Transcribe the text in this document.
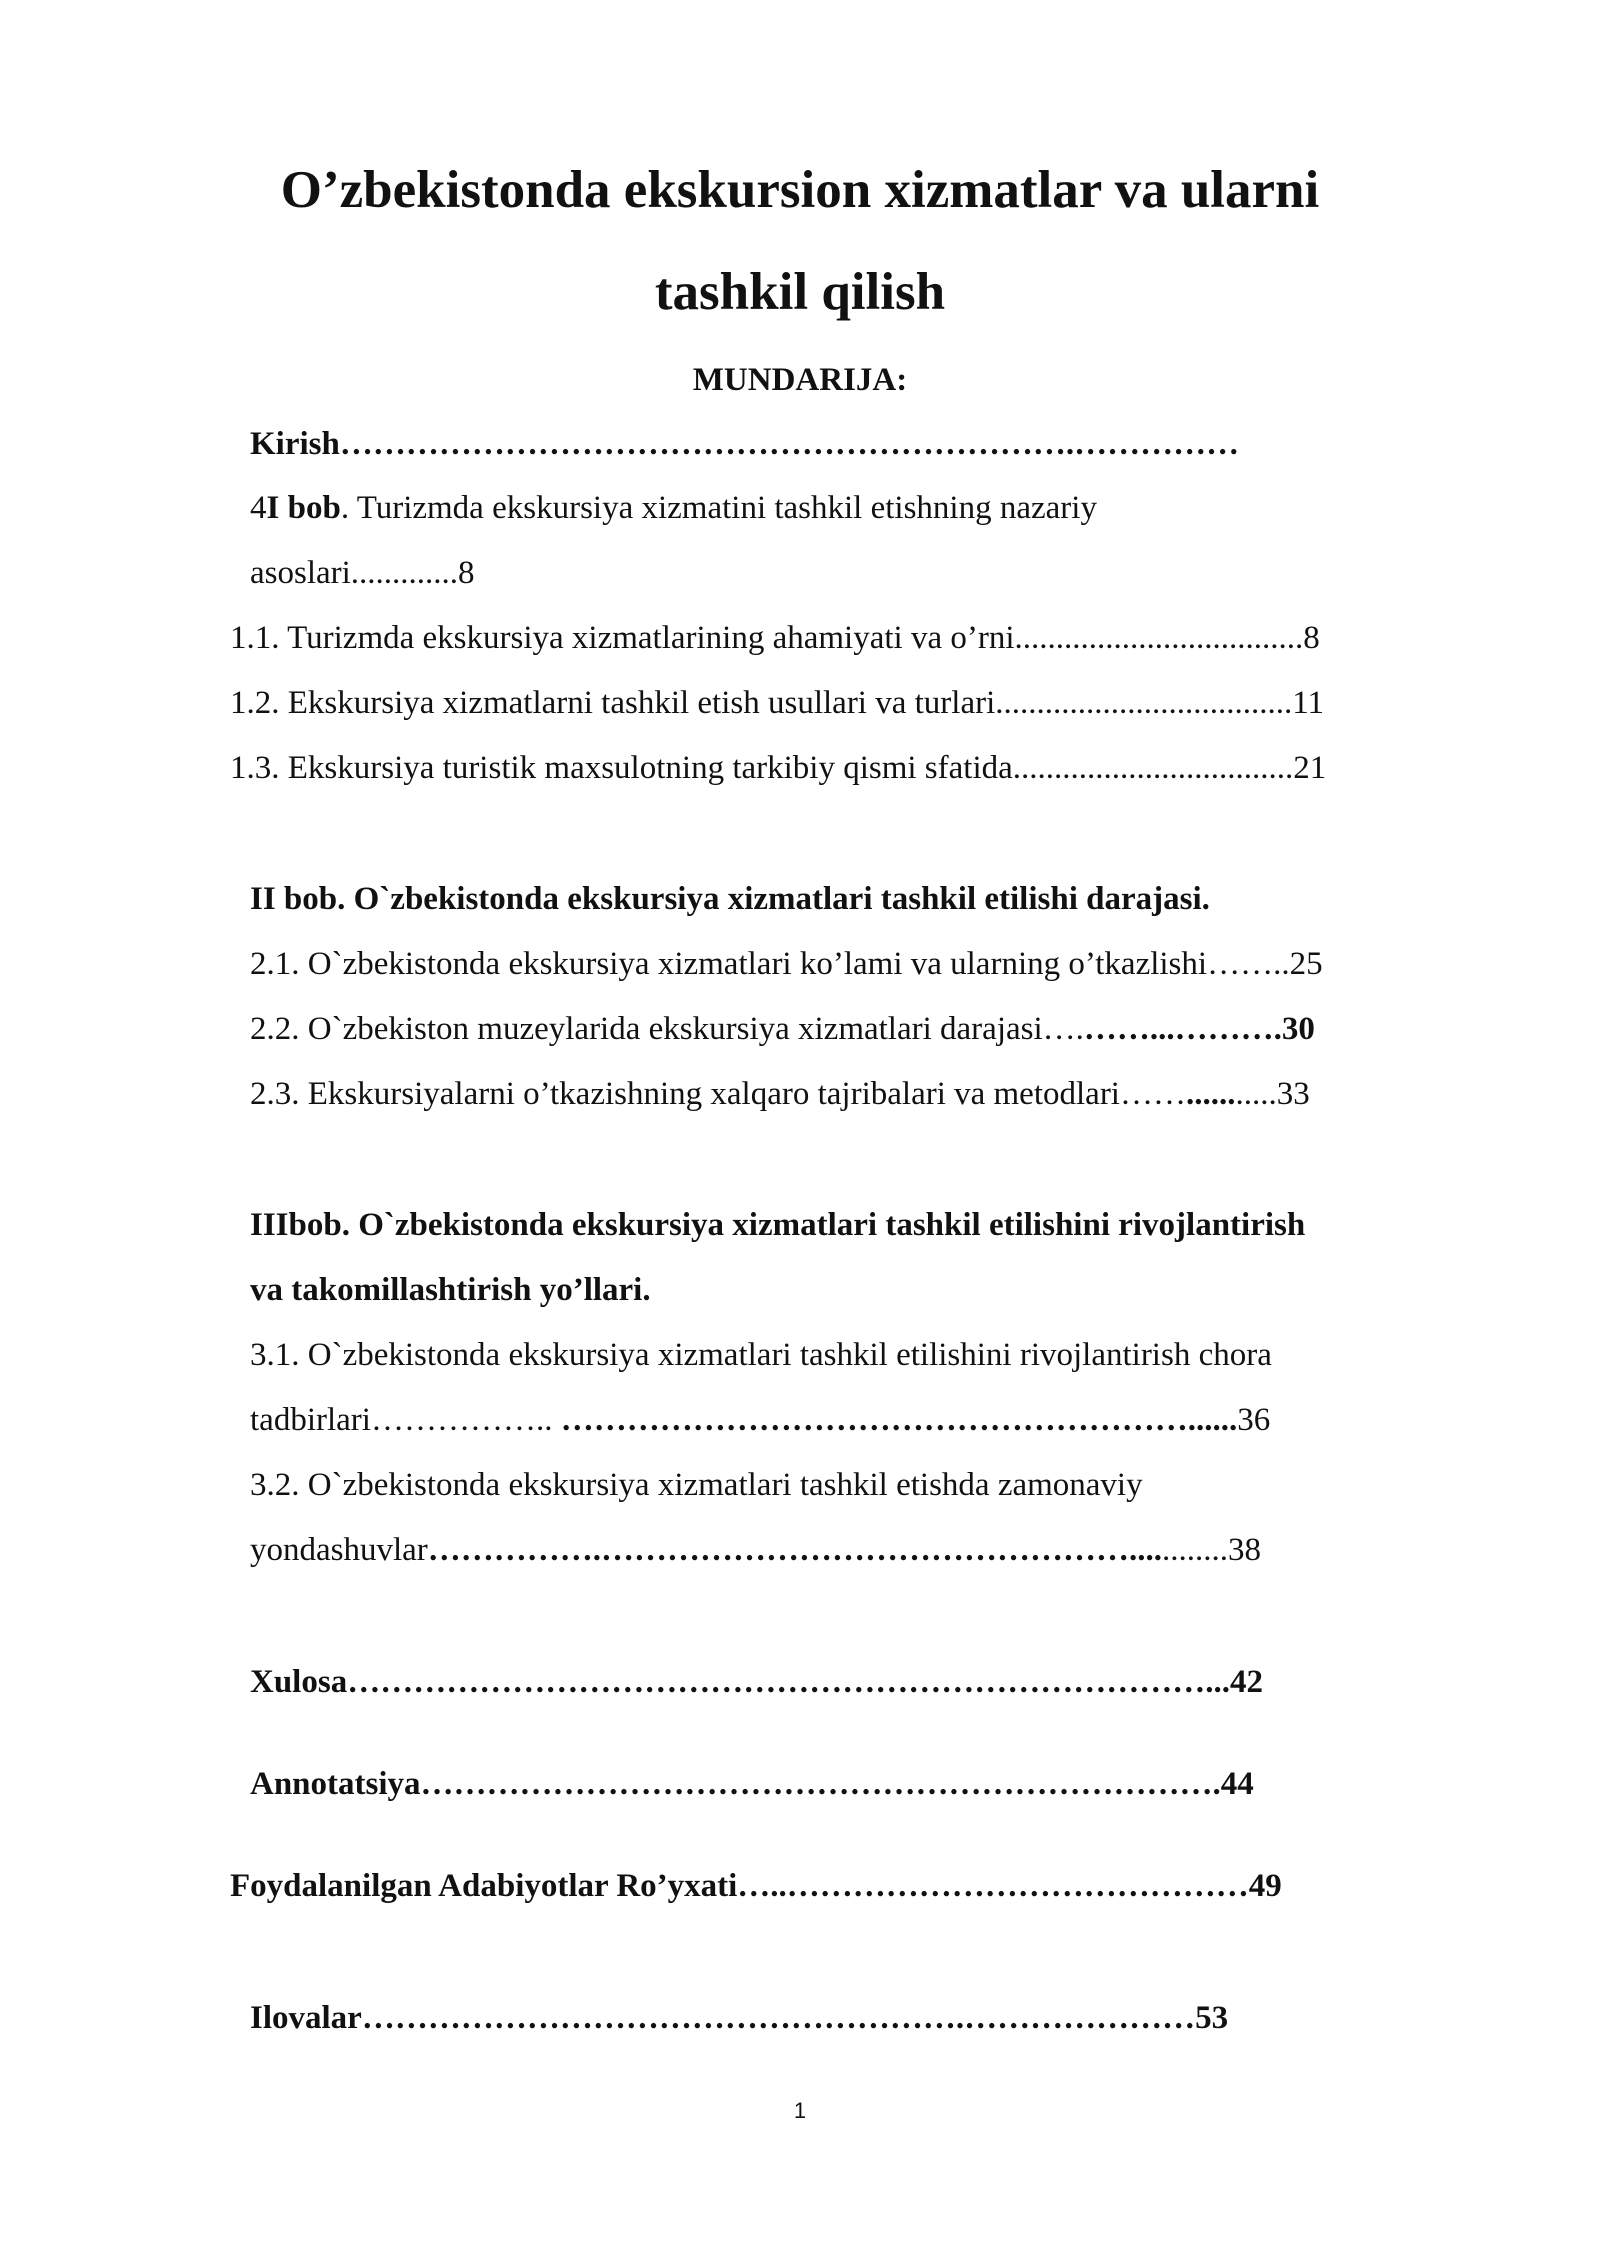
O’zbekistonda ekskursion xizmatlar va ularni
tashkil qilish
MUNDARIJA:
Kirish………………………………………………………….……………
4I bob. Turizmda ekskursiya xizmatini tashkil etishning nazariy
asoslari.............8
1.1. Turizmda ekskursiya xizmatlarining ahamiyati va o’rni...................................8
1.2. Ekskursiya xizmatlarni tashkil etish usullari va turlari....................................11
1.3. Ekskursiya turistik maxsulotning tarkibiy qismi sfatida..................................21
II bob. O`zbekistonda ekskursiya xizmatlari tashkil etilishi darajasi.
2.1. O`zbekistonda ekskursiya xizmatlari ko’lami va ularning o’tkazlishi……..25
2.2. O`zbekiston muzeylarida ekskursiya xizmatlari darajasi….……...……….30
2.3. Ekskursiyalarni o’tkazishning xalqaro tajribalari va metodlari……...........33
IIIbob. O`zbekistonda ekskursiya xizmatlari tashkil etilishini rivojlantirish
va takomillashtirish yo’llari.
3.1. O`zbekistonda ekskursiya xizmatlari tashkil etilishini rivojlantirish chora
tadbirlari…………….. …………………………………………………......36
3.2. O`zbekistonda ekskursiya xizmatlari tashkil etishda zamonaviy
yondashuvlar…………….…………………………………………............38
Xulosa……………………………………………………………………...42
Annotatsiya……………………………………………………………….44
Foydalanilgan Adabiyotlar Ro’yxati…..……………………………………49
Ilovalar……………………………………………….…………………53
1
